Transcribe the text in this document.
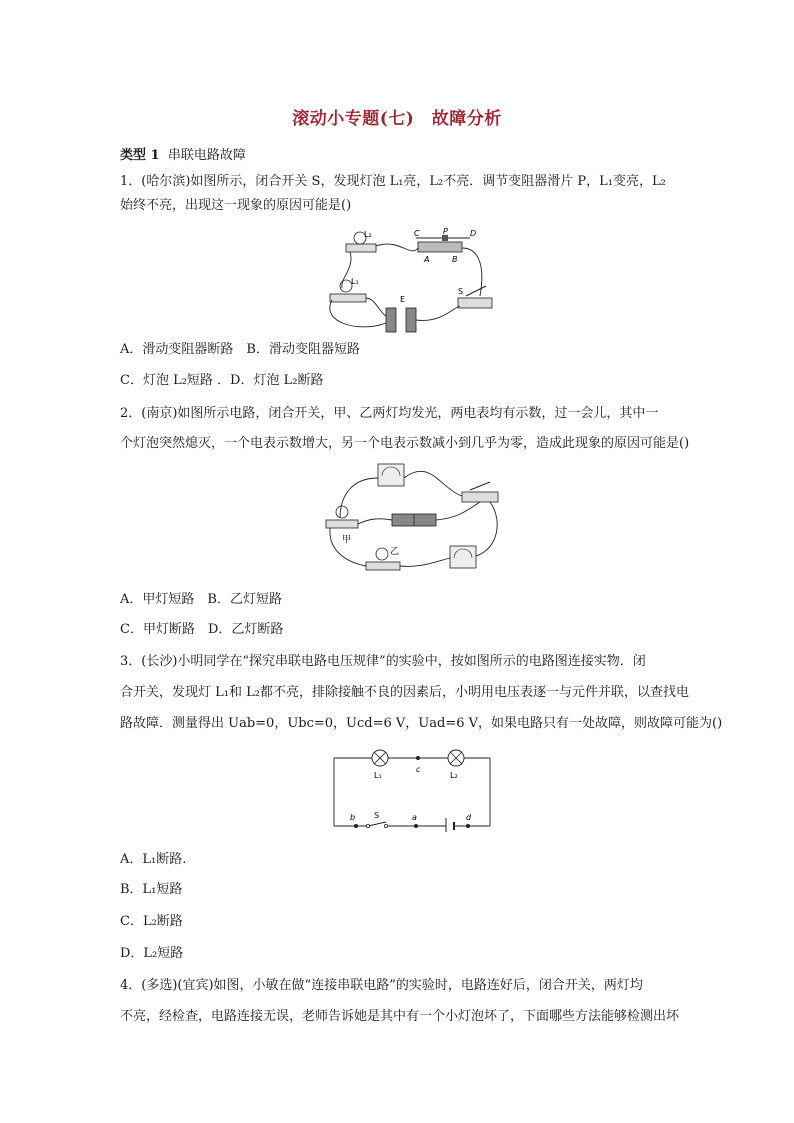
滚动小专题(七)　故障分析
类型 1 串联电路故障
1．(哈尔滨)如图所示，闭合开关 S，发现灯泡 L₁亮，L₂不亮．调节变阻器滑片 P，L₁变亮，L₂
始终不亮，出现这一现象的原因可能是()
L₂
L₁
C	P	D
A	B
E
S
A．滑动变阻器断路　B．滑动变阻器短路
C．灯泡 L₂短路 ．D．灯泡 L₂断路
2．(南京)如图所示电路，闭合开关，甲、乙两灯均发光，两电表均有示数，过一会儿，其中一
个灯泡突然熄灭，一个电表示数增大，另一个电表示数减小到几乎为零，造成此现象的原因可能是()
甲
乙
A．甲灯短路　B．乙灯短路
C．甲灯断路　D．乙灯断路
3．(长沙)小明同学在“探究串联电路电压规律”的实验中，按如图所示的电路图连接实物．闭
合开关，发现灯 L₁和 L₂都不亮，排除接触不良的因素后，小明用电压表逐一与元件并联，以查找电
路故障．测量得出 Uab=0，Ubc=0，Ucd=6 V，Uad=6 V，如果电路只有一处故障，则故障可能为()
L₁
c
L₂
b S	a	d
A．L₁断路.
B．L₁短路
C．L₂断路
D．L₂短路
4．(多选)(宜宾)如图，小敏在做“连接串联电路”的实验时，电路连好后，闭合开关，两灯均
不亮，经检查，电路连接无误，老师告诉她是其中有一个小灯泡坏了，下面哪些方法能够检测出坏
